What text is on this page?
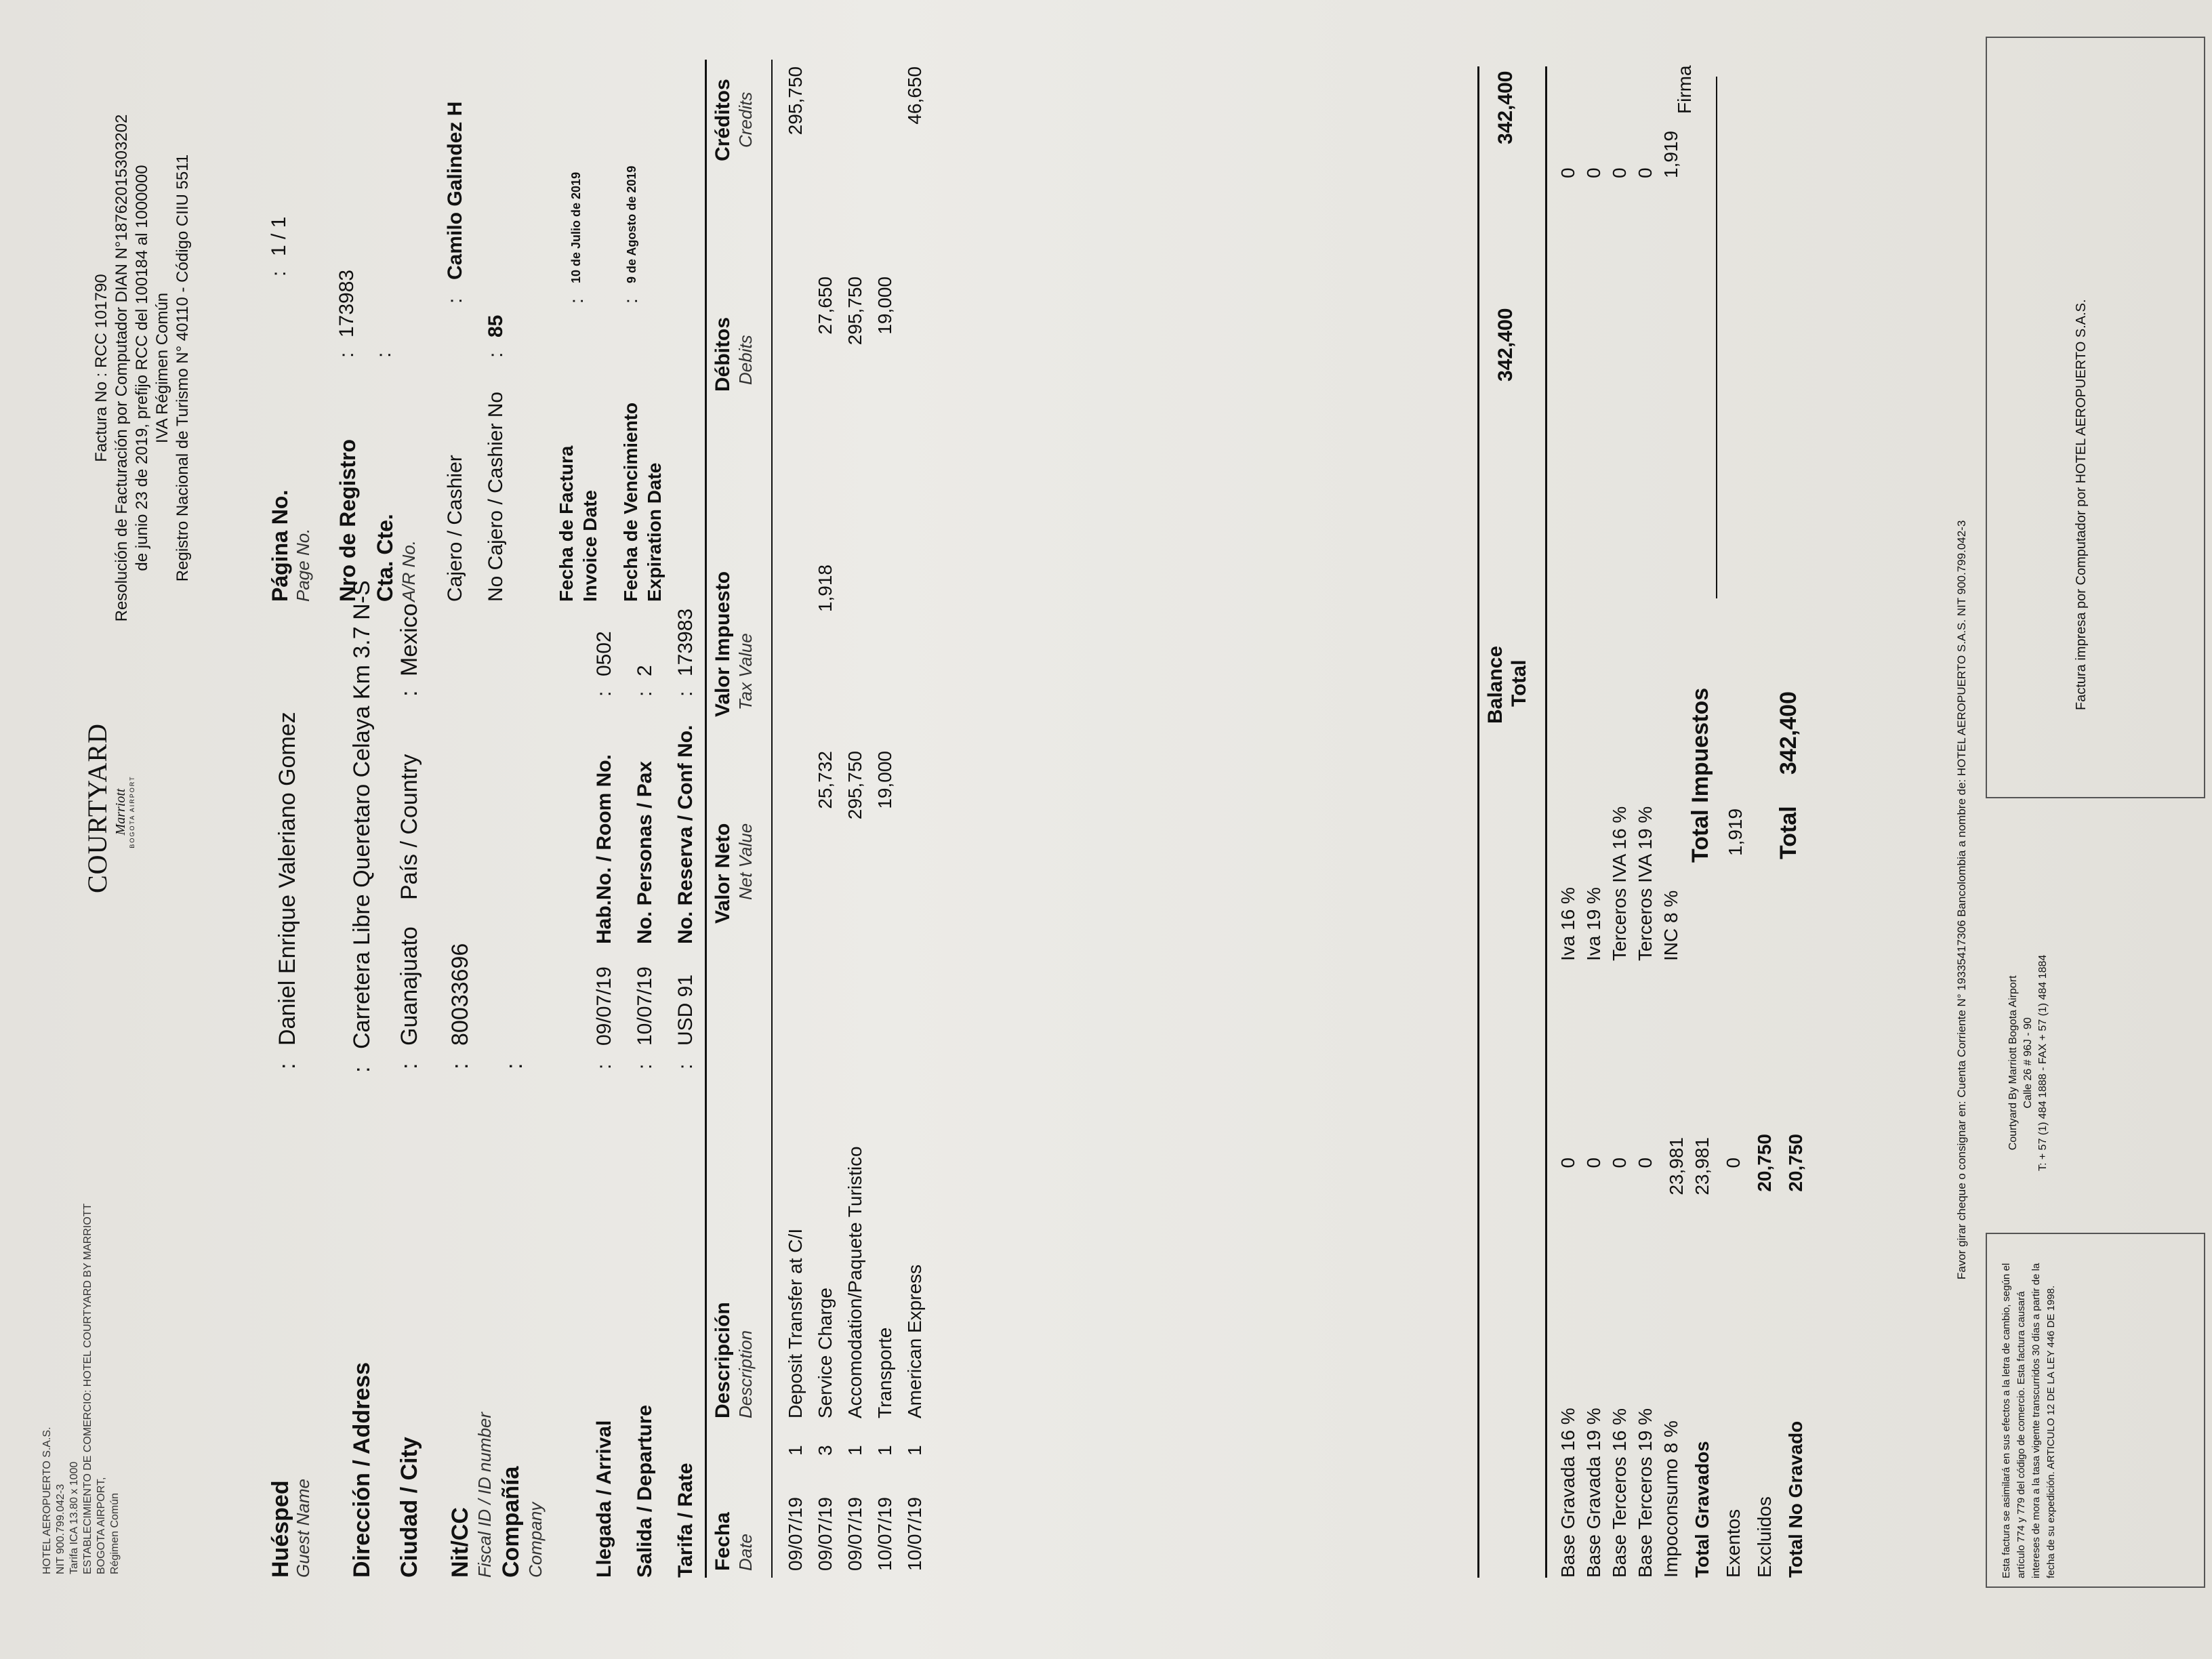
HOTEL AEROPUERTO S.A.S. NIT 900.799.042-3 Tarifa ICA 13.80 x 1000 ESTABLECIMIENTO DE COMERCIO: HOTEL COURTYARD BY MARRIOTT BOGOTA AIRPORT, Régimen Común
COURTYARD Marriott BOGOTA AIRPORT
Factura No : RCC 101790 Resolución de Facturación por Computador DIAN N°18762015303202 de junio 23 de 2019, prefijo RCC del 100184 al 1000000 IVA Régimen Común Registro Nacional de Turismo N° 40110 - Código CIIU 5511
Huésped Guest Name
:
Daniel Enrique Valeriano Gomez
Dirección / Address
:
Carretera Libre Queretaro Celaya Km 3.7 N-S
Ciudad / City
:
Guanajuato
País / Country
:
Mexico
Nit/CC Fiscal ID / ID number
:
80033696
Compañía Company
:
Llegada / Arrival
:
09/07/19
Salida / Departure
:
10/07/19
Tarifa / Rate
:
USD 91
Hab.No. / Room No.
:
0502
No. Personas / Pax
:
2
No. Reserva / Conf No.
:
173983
Página No. Page No.
:
1 / 1
Nro de Registro
:
173983
Cta. Cte. A/R No.
:
Cajero / Cashier
:
Camilo Galindez H
No Cajero / Cashier No
:
85
Fecha de Factura Invoice Date
:
10 de Julio de 2019
Fecha de Vencimiento Expiration Date
:
9 de Agosto de 2019
Fecha Date
Descripción Description
Valor Neto Net Value
Valor Impuesto Tax Value
Débitos Debits
Créditos Credits
09/07/19
1
Deposit Transfer at C/I
295,750
09/07/19
3
Service Charge
25,732
1,918
27,650
09/07/19
1
Accomodation/Paquete Turistico
295,750
295,750
10/07/19
1
Transporte
19,000
19,000
10/07/19
1
American Express
46,650
Balance Total
342,400
342,400
Base Gravada 16 %
0
Base Gravada 19 %
0
Base Terceros 16 %
0
Base Terceros 19 %
0
Impoconsumo 8 %
23,981
Total Gravados
23,981
Exentos
0
Excluidos
20,750
Total No Gravado
20,750
Iva 16 %
0
Iva 19 %
0
Terceros IVA 16 %
0
Terceros IVA 19 %
0
INC 8 %
1,919
Total Impuestos 1,919
Firma
Total
342,400	Favor girar cheque o consignar en: Cuenta Corriente N° 19335417306 Bancolombia a nombre de: HOTEL AEROPUERTO S.A.S. NIT 900.799.042-3
Factura impresa por Computador por HOTEL AEROPUERTO S.A.S.
Esta factura se asimilará en sus efectos a la letra de cambio, según el artículo 774 y 779 del código de comercio. Esta factura causará intereses de mora a la tasa vigente transcurridos 30 días a partir de la fecha de su expedición. ARTICULO 12 DE LA LEY 446 DE 1998.
Courtyard By Marriott Bogota Airport Calle 26 # 96J - 90 T: + 57 (1) 484 1888 - FAX + 57 (1) 484 1884
